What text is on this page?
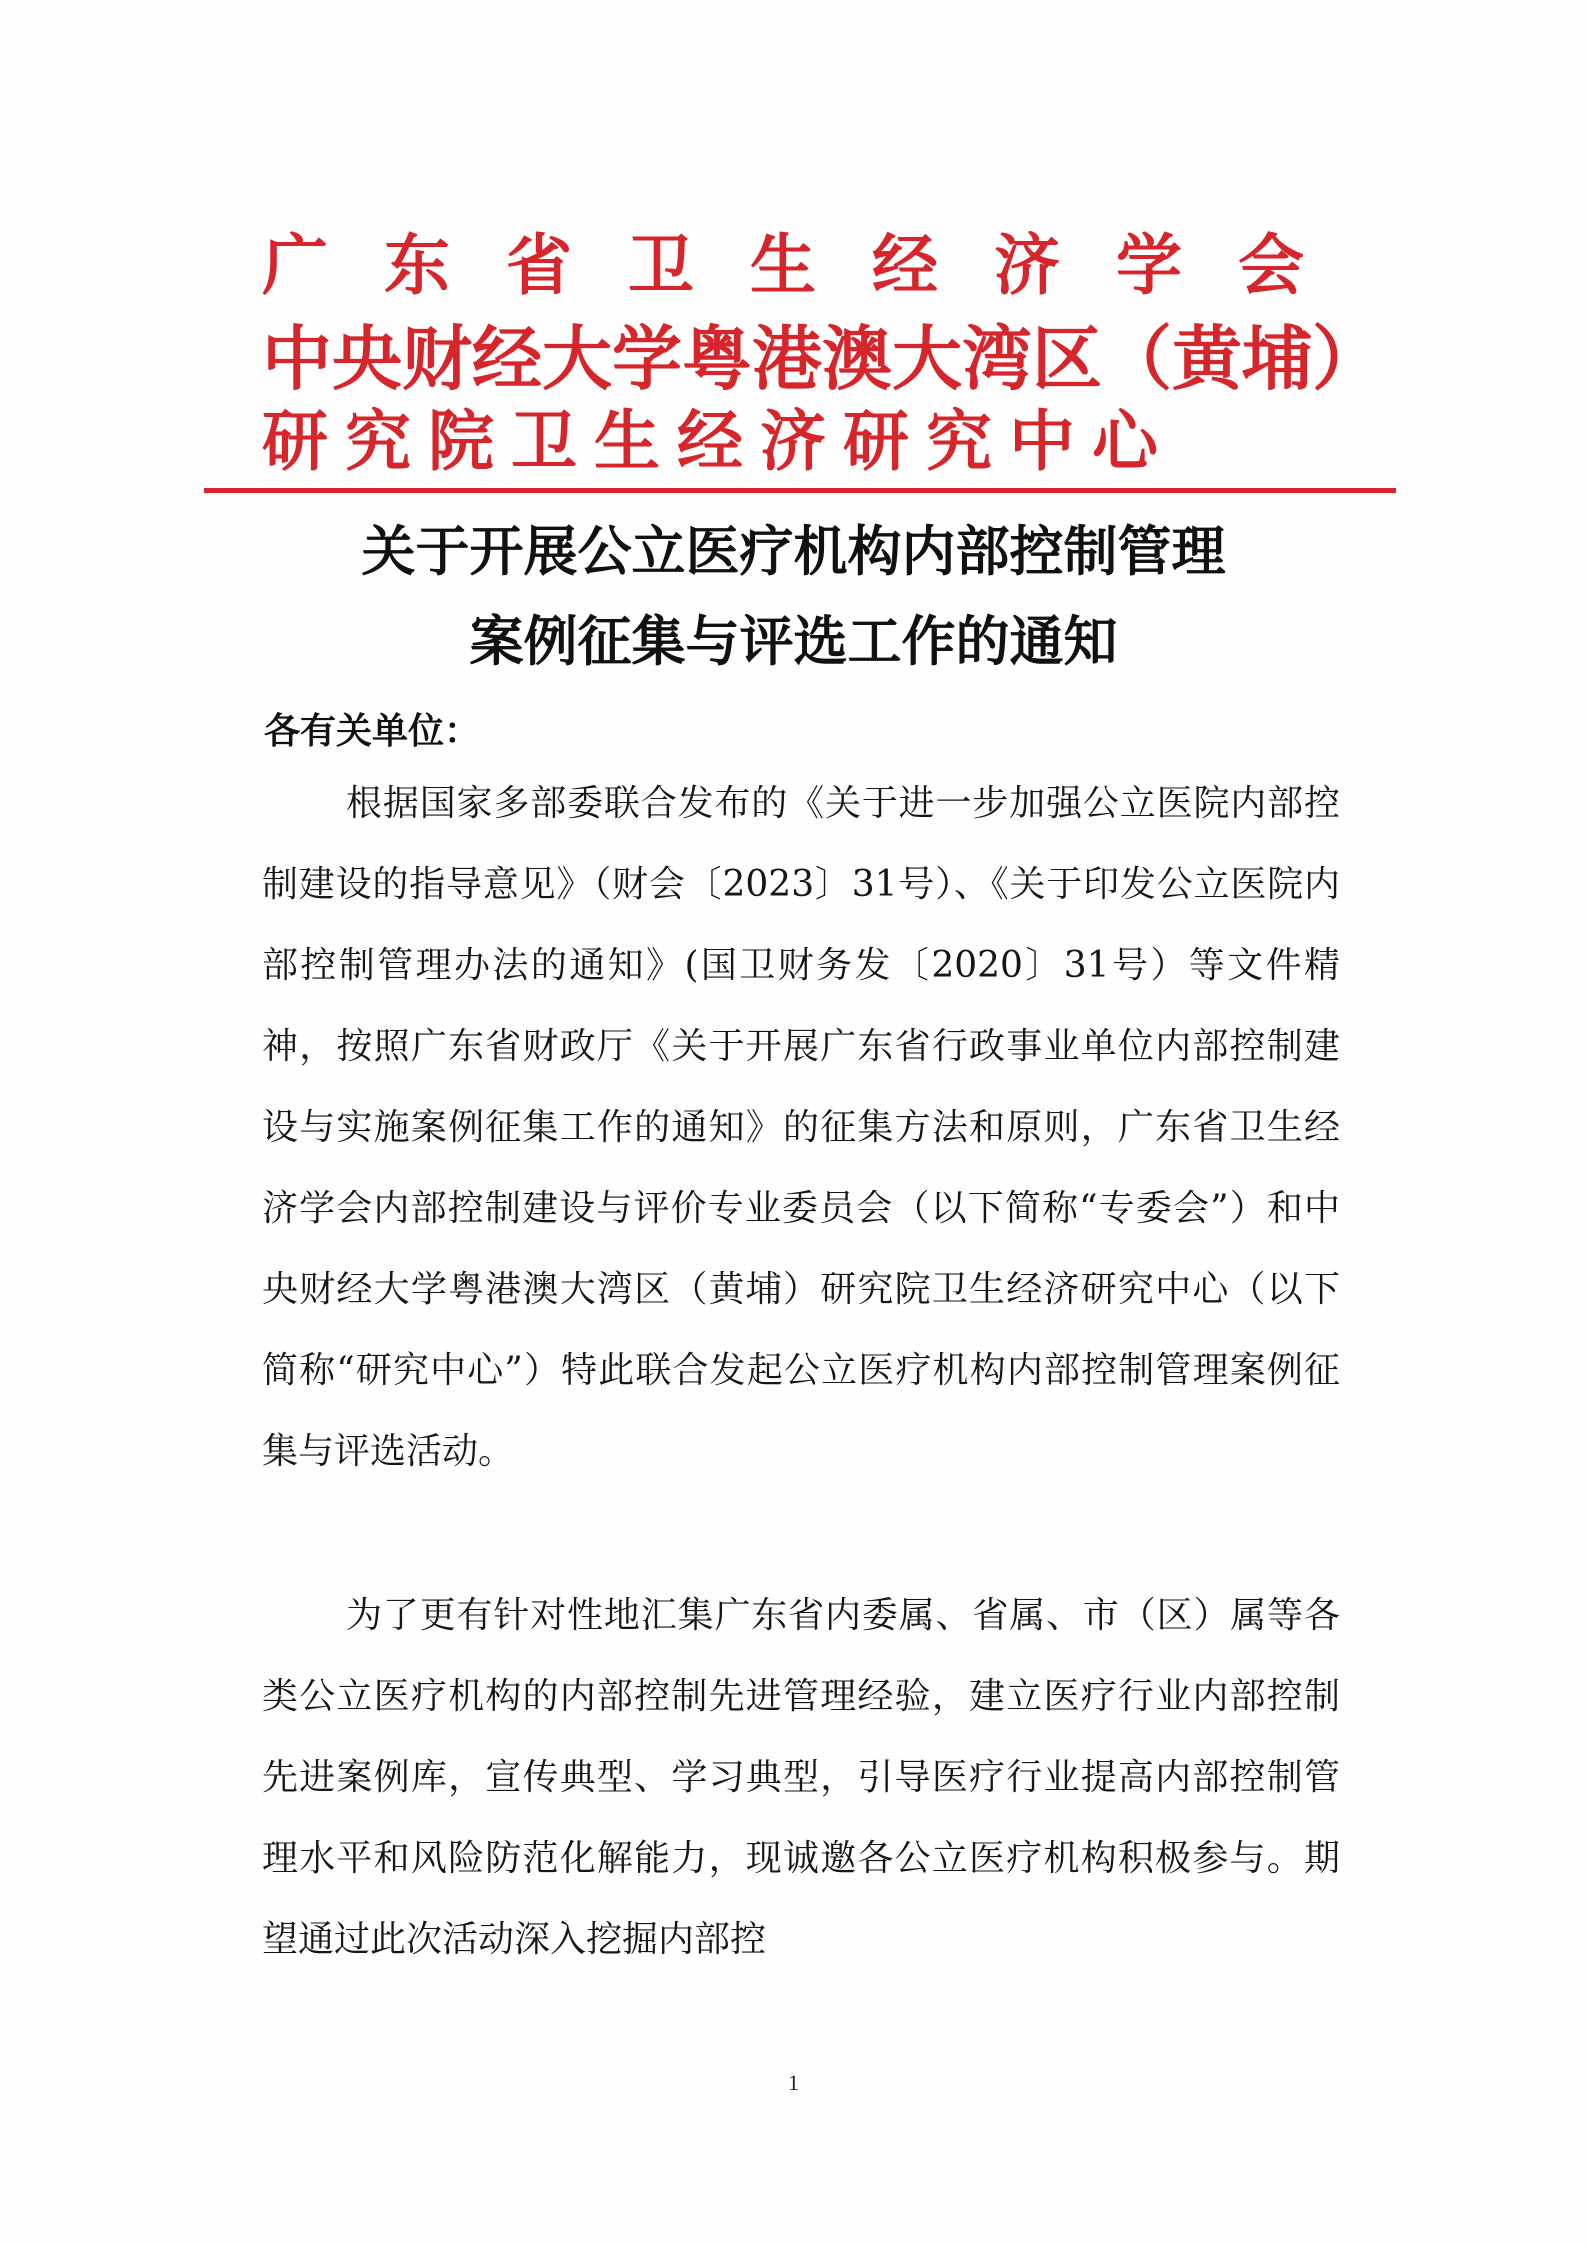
广东省卫生经济学会
中央财经大学粤港澳大湾区（黄埔）
研究院卫生经济研究中心
关于开展公立医疗机构内部控制管理
案例征集与评选工作的通知
各有关单位：

根据国家多部委联合发布的《关于进一步加强公立医院内部控制建设的指导意见》（财会〔2023〕31号）、《关于印发公立医院内部控制管理办法的通知》(国卫财务发〔2020〕31号）等文件精神，按照广东省财政厅《关于开展广东省行政事业单位内部控制建设与实施案例征集工作的通知》的征集方法和原则，广东省卫生经济学会内部控制建设与评价专业委员会（以下简称“专委会”）和中央财经大学粤港澳大湾区（黄埔）研究院卫生经济研究中心（以下简称“研究中心”）特此联合发起公立医疗机构内部控制管理案例征集与评选活动。

为了更有针对性地汇集广东省内委属、省属、市（区）属等各类公立医疗机构的内部控制先进管理经验，建立医疗行业内部控制先进案例库，宣传典型、学习典型，引导医疗行业提高内部控制管理水平和风险防范化解能力，现诚邀各公立医疗机构积极参与。期望通过此次活动深入挖掘内部控

1
